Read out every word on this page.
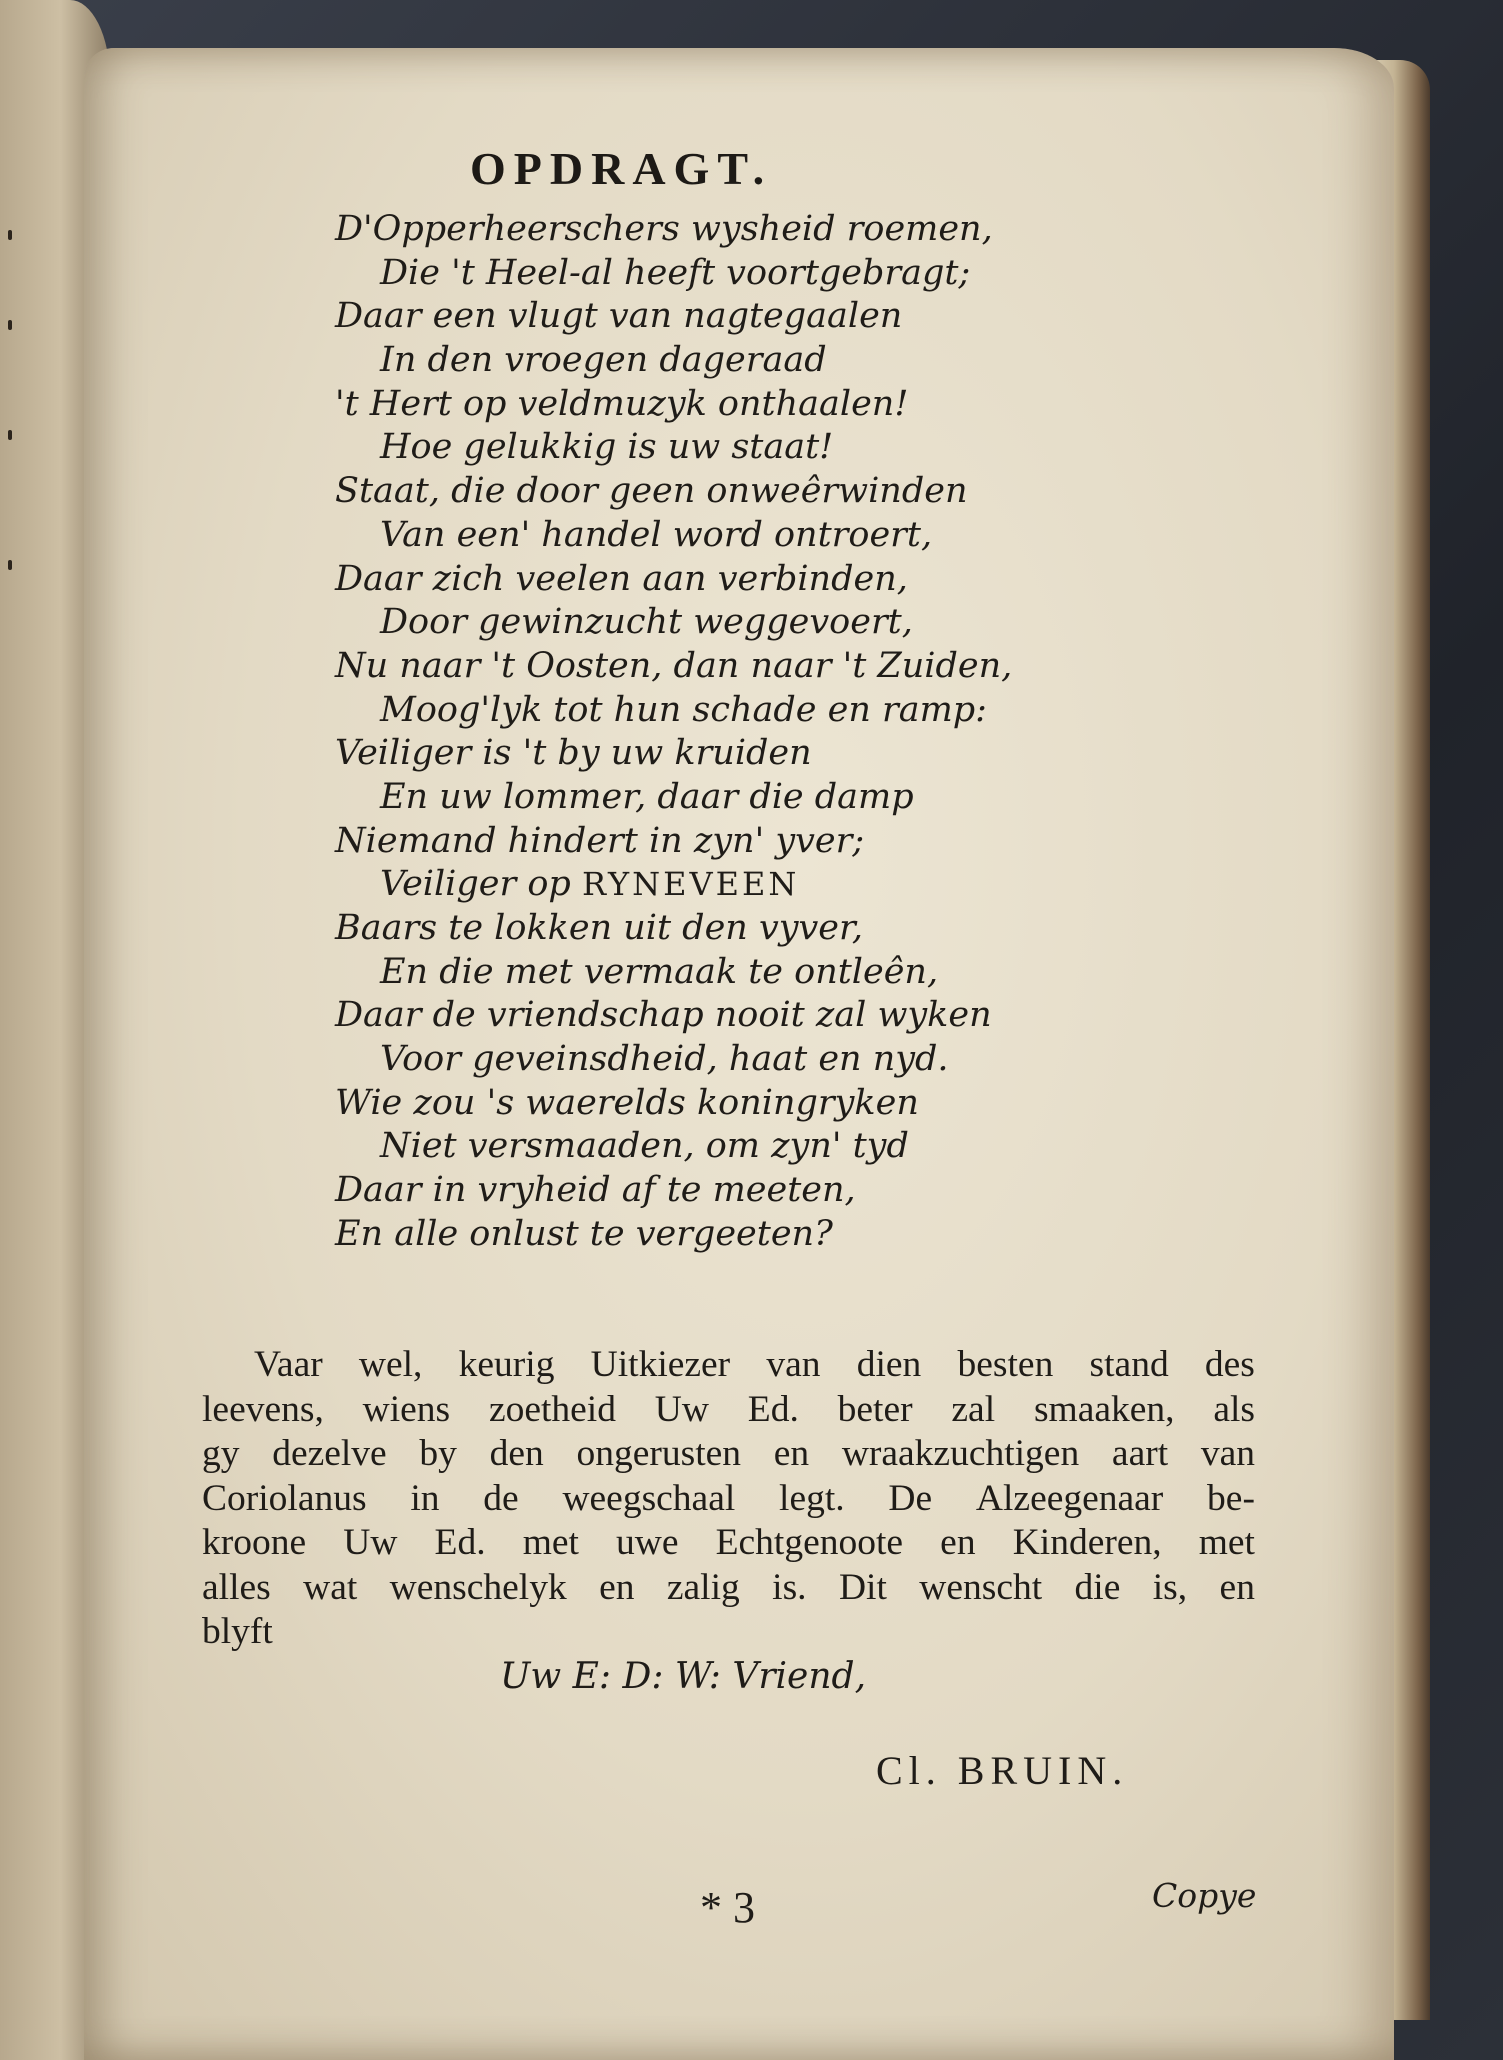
OPDRAGT.
D'Opperheerschers wysheid roemen,
Die 't Heel-al heeft voortgebragt;
Daar een vlugt van nagtegaalen
In den vroegen dageraad
't Hert op veldmuzyk onthaalen!
Hoe gelukkig is uw staat!
Staat, die door geen onweêrwinden
Van een' handel word ontroert,
Daar zich veelen aan verbinden,
Door gewinzucht weggevoert,
Nu naar 't Oosten, dan naar 't Zuiden,
Moog'lyk tot hun schade en ramp:
Veiliger is 't by uw kruiden
En uw lommer, daar die damp
Niemand hindert in zyn' yver;
Veiliger op RYNEVEEN
Baars te lokken uit den vyver,
En die met vermaak te ontleên,
Daar de vriendschap nooit zal wyken
Voor geveinsdheid, haat en nyd.
Wie zou 's waerelds koningryken
Niet versmaaden, om zyn' tyd
Daar in vryheid af te meeten,
En alle onlust te vergeeten?
Vaar wel, keurig Uitkiezer van dien besten stand des
leevens, wiens zoetheid Uw Ed. beter zal smaaken, als
gy dezelve by den ongerusten en wraakzuchtigen aart van
Coriolanus in de weegschaal legt. De Alzeegenaar be-
kroone Uw Ed. met uwe Echtgenoote en Kinderen, met
alles wat wenschelyk en zalig is. Dit wenscht die is, en
blyft
Uw E: D: W: Vriend,
Cl. BRUIN.
* 3	Copye
